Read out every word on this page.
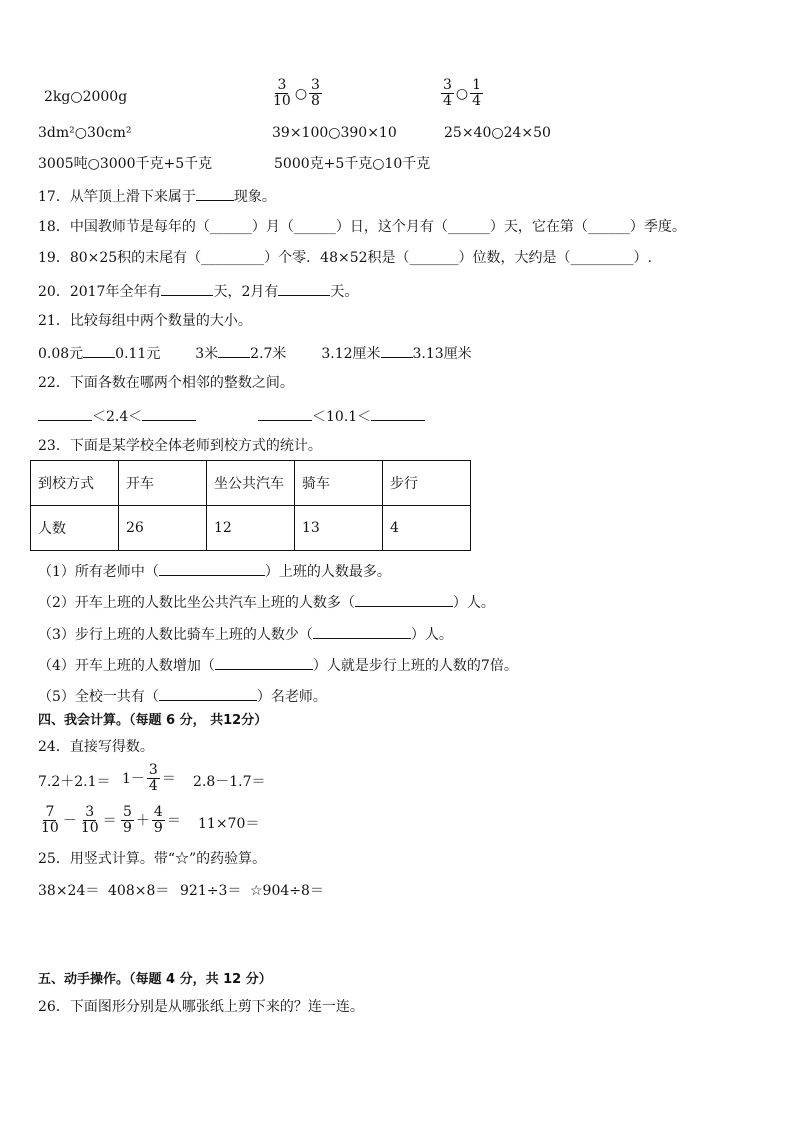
2kg○2000g	$\frac{3}{10}$ ○ $\frac{3}{8}$	$\frac{3}{4}$ ○ $\frac{1}{4}$
3dm²○30cm²	39×100○390×10	25×40○24×50
3005吨○3000千克+5千克	5000克+5千克○10千克
17．从竿顶上滑下来属于	现象。
18．中国教师节是每年的（______）月（______）日，这个月有（______）天，它在第（______）季度。
19．80×25积的末尾有（_________）个零．48×52积是（_______）位数，大约是（_________）.
20．2017年全年有	天，2月有	天。
21．比较每组中两个数量的大小。
0.08元 0.11元 3米 2.7米 3.12厘米 3.13厘米
22．下面各数在哪两个相邻的整数之间。
＜2.4＜	＜10.1＜
23．下面是某学校全体老师到校方式的统计。
到校方式	开车	坐公共汽车	骑车	步行
人数	26	12	13	4
（1）所有老师中（	）上班的人数最多。
（2）开车上班的人数比坐公共汽车上班的人数多（	）人。
（3）步行上班的人数比骑车上班的人数少（	）人。
（4）开车上班的人数增加（	）人就是步行上班的人数的7倍。
（5）全校一共有（	）名老师。
四、我会计算。（每题 6 分， 共12分）
24．直接写得数。
$7.2+2.1= 1- \frac{3}{4} = 2.8-1.7=$
$\frac{7}{10} - \frac{3}{10} = \frac{5}{9} + \frac{4}{9} = 11\times 70=$
25．用竖式计算。带“☆”的药验算。
38×24＝ 408×8＝ 921÷3＝ ☆904÷8＝
五、动手操作。（每题 4 分，共 12 分）
26．下面图形分别是从哪张纸上剪下来的？连一连。
